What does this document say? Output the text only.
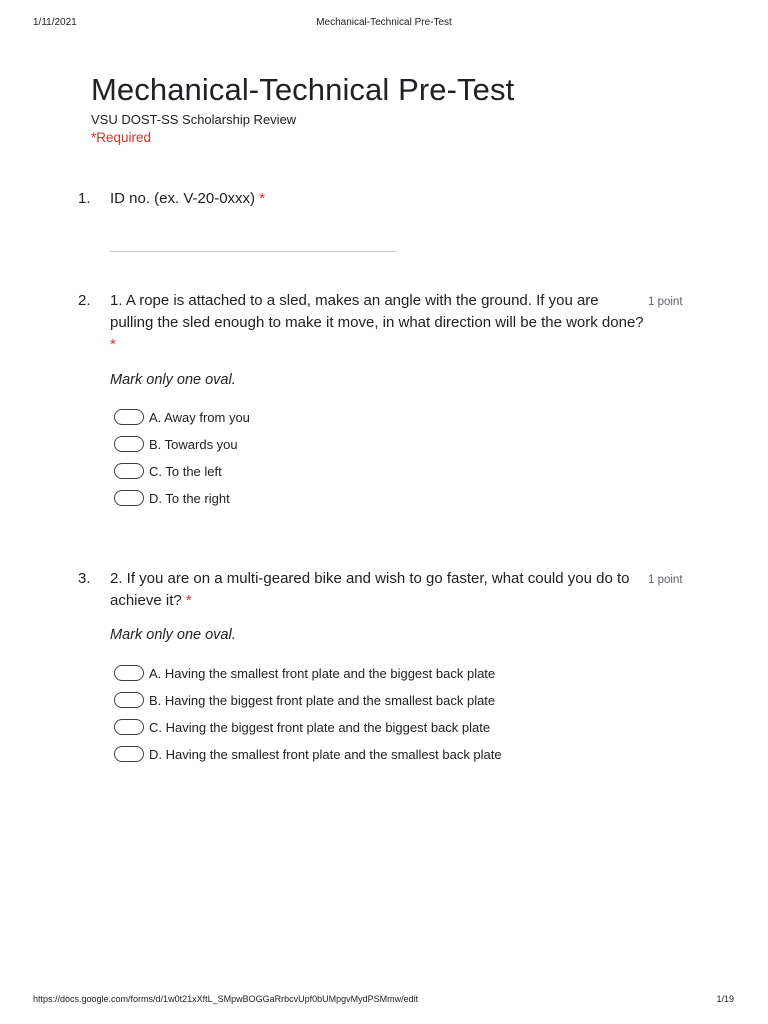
1/11/2021	Mechanical-Technical Pre-Test
Mechanical-Technical Pre-Test
VSU DOST-SS Scholarship Review
*Required
1. ID no. (ex. V-20-0xxx) *
2. 1. A rope is attached to a sled, makes an angle with the ground. If you are pulling the sled enough to make it move, in what direction will be the work done? *
1 point
Mark only one oval.
A. Away from you
B. Towards you
C. To the left
D. To the right
3. 2. If you are on a multi-geared bike and wish to go faster, what could you do to achieve it? *
1 point
Mark only one oval.
A. Having the smallest front plate and the biggest back plate
B. Having the biggest front plate and the smallest back plate
C. Having the biggest front plate and the biggest back plate
D. Having the smallest front plate and the smallest back plate
https://docs.google.com/forms/d/1w0t21xXftL_SMpwBOGGaRrbcvUpf0bUMpgvMydPSMmw/edit	1/19
